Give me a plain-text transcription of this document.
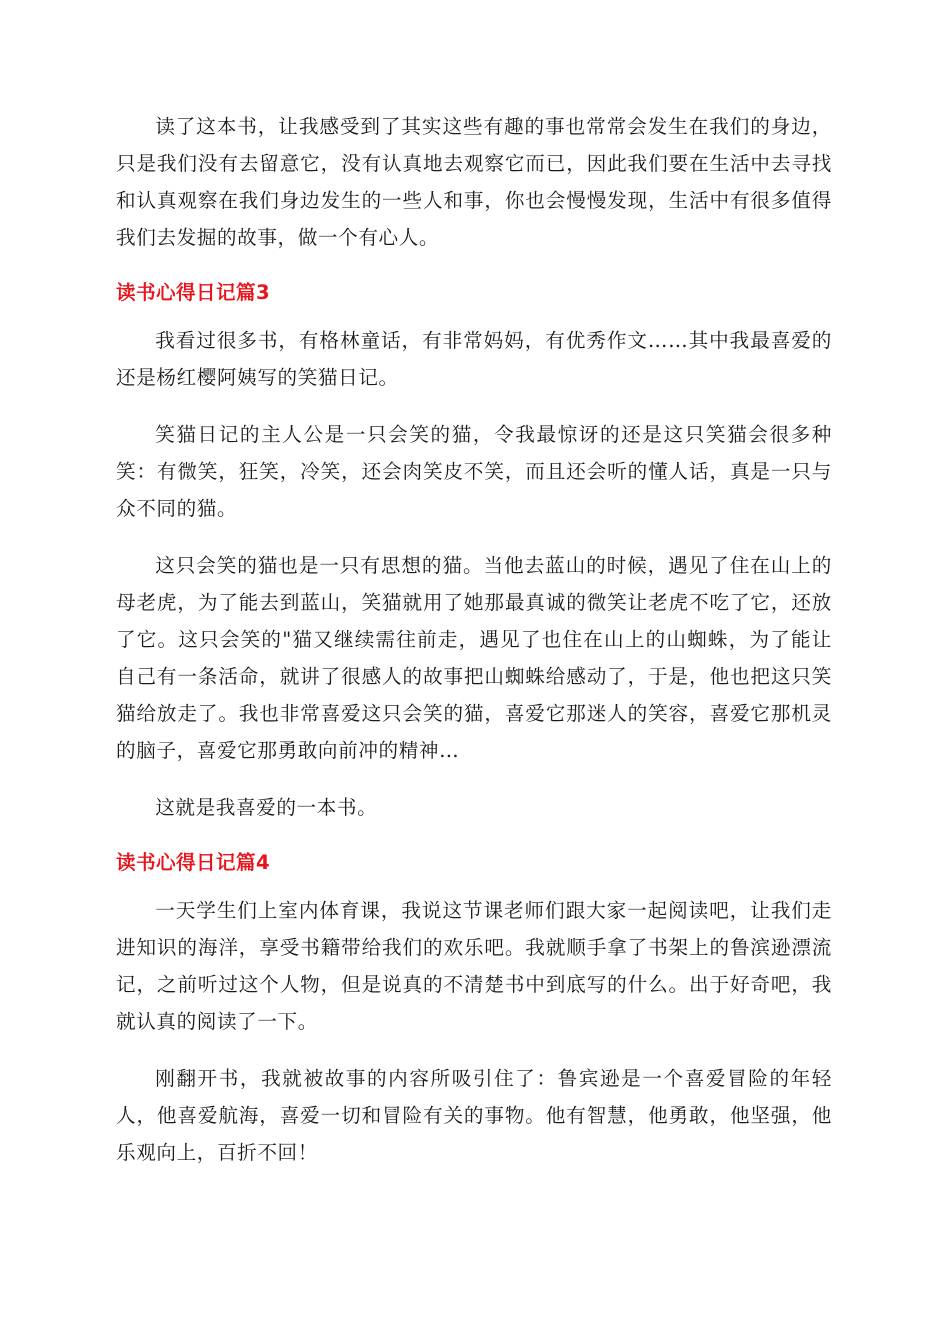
读了这本书，让我感受到了其实这些有趣的事也常常会发生在我们的身边，只是我们没有去留意它，没有认真地去观察它而已，因此我们要在生活中去寻找和认真观察在我们身边发生的一些人和事，你也会慢慢发现，生活中有很多值得我们去发掘的故事，做一个有心人。

读书心得日记篇3

我看过很多书，有格林童话，有非常妈妈，有优秀作文……其中我最喜爱的还是杨红樱阿姨写的笑猫日记。

笑猫日记的主人公是一只会笑的猫，令我最惊讶的还是这只笑猫会很多种笑：有微笑，狂笑，冷笑，还会肉笑皮不笑，而且还会听的懂人话，真是一只与众不同的猫。

这只会笑的猫也是一只有思想的猫。当他去蓝山的时候，遇见了住在山上的母老虎，为了能去到蓝山，笑猫就用了她那最真诚的微笑让老虎不吃了它，还放了它。这只会笑的"猫又继续需往前走，遇见了也住在山上的山蜘蛛，为了能让自己有一条活命，就讲了很感人的故事把山蜘蛛给感动了，于是，他也把这只笑猫给放走了。我也非常喜爱这只会笑的猫，喜爱它那迷人的笑容，喜爱它那机灵的脑子，喜爱它那勇敢向前冲的精神…

这就是我喜爱的一本书。

读书心得日记篇4

一天学生们上室内体育课，我说这节课老师们跟大家一起阅读吧，让我们走进知识的海洋，享受书籍带给我们的欢乐吧。我就顺手拿了书架上的鲁滨逊漂流记，之前听过这个人物，但是说真的不清楚书中到底写的什么。出于好奇吧，我就认真的阅读了一下。

刚翻开书，我就被故事的内容所吸引住了：鲁宾逊是一个喜爱冒险的年轻人，他喜爱航海，喜爱一切和冒险有关的事物。他有智慧，他勇敢，他坚强，他乐观向上，百折不回！
